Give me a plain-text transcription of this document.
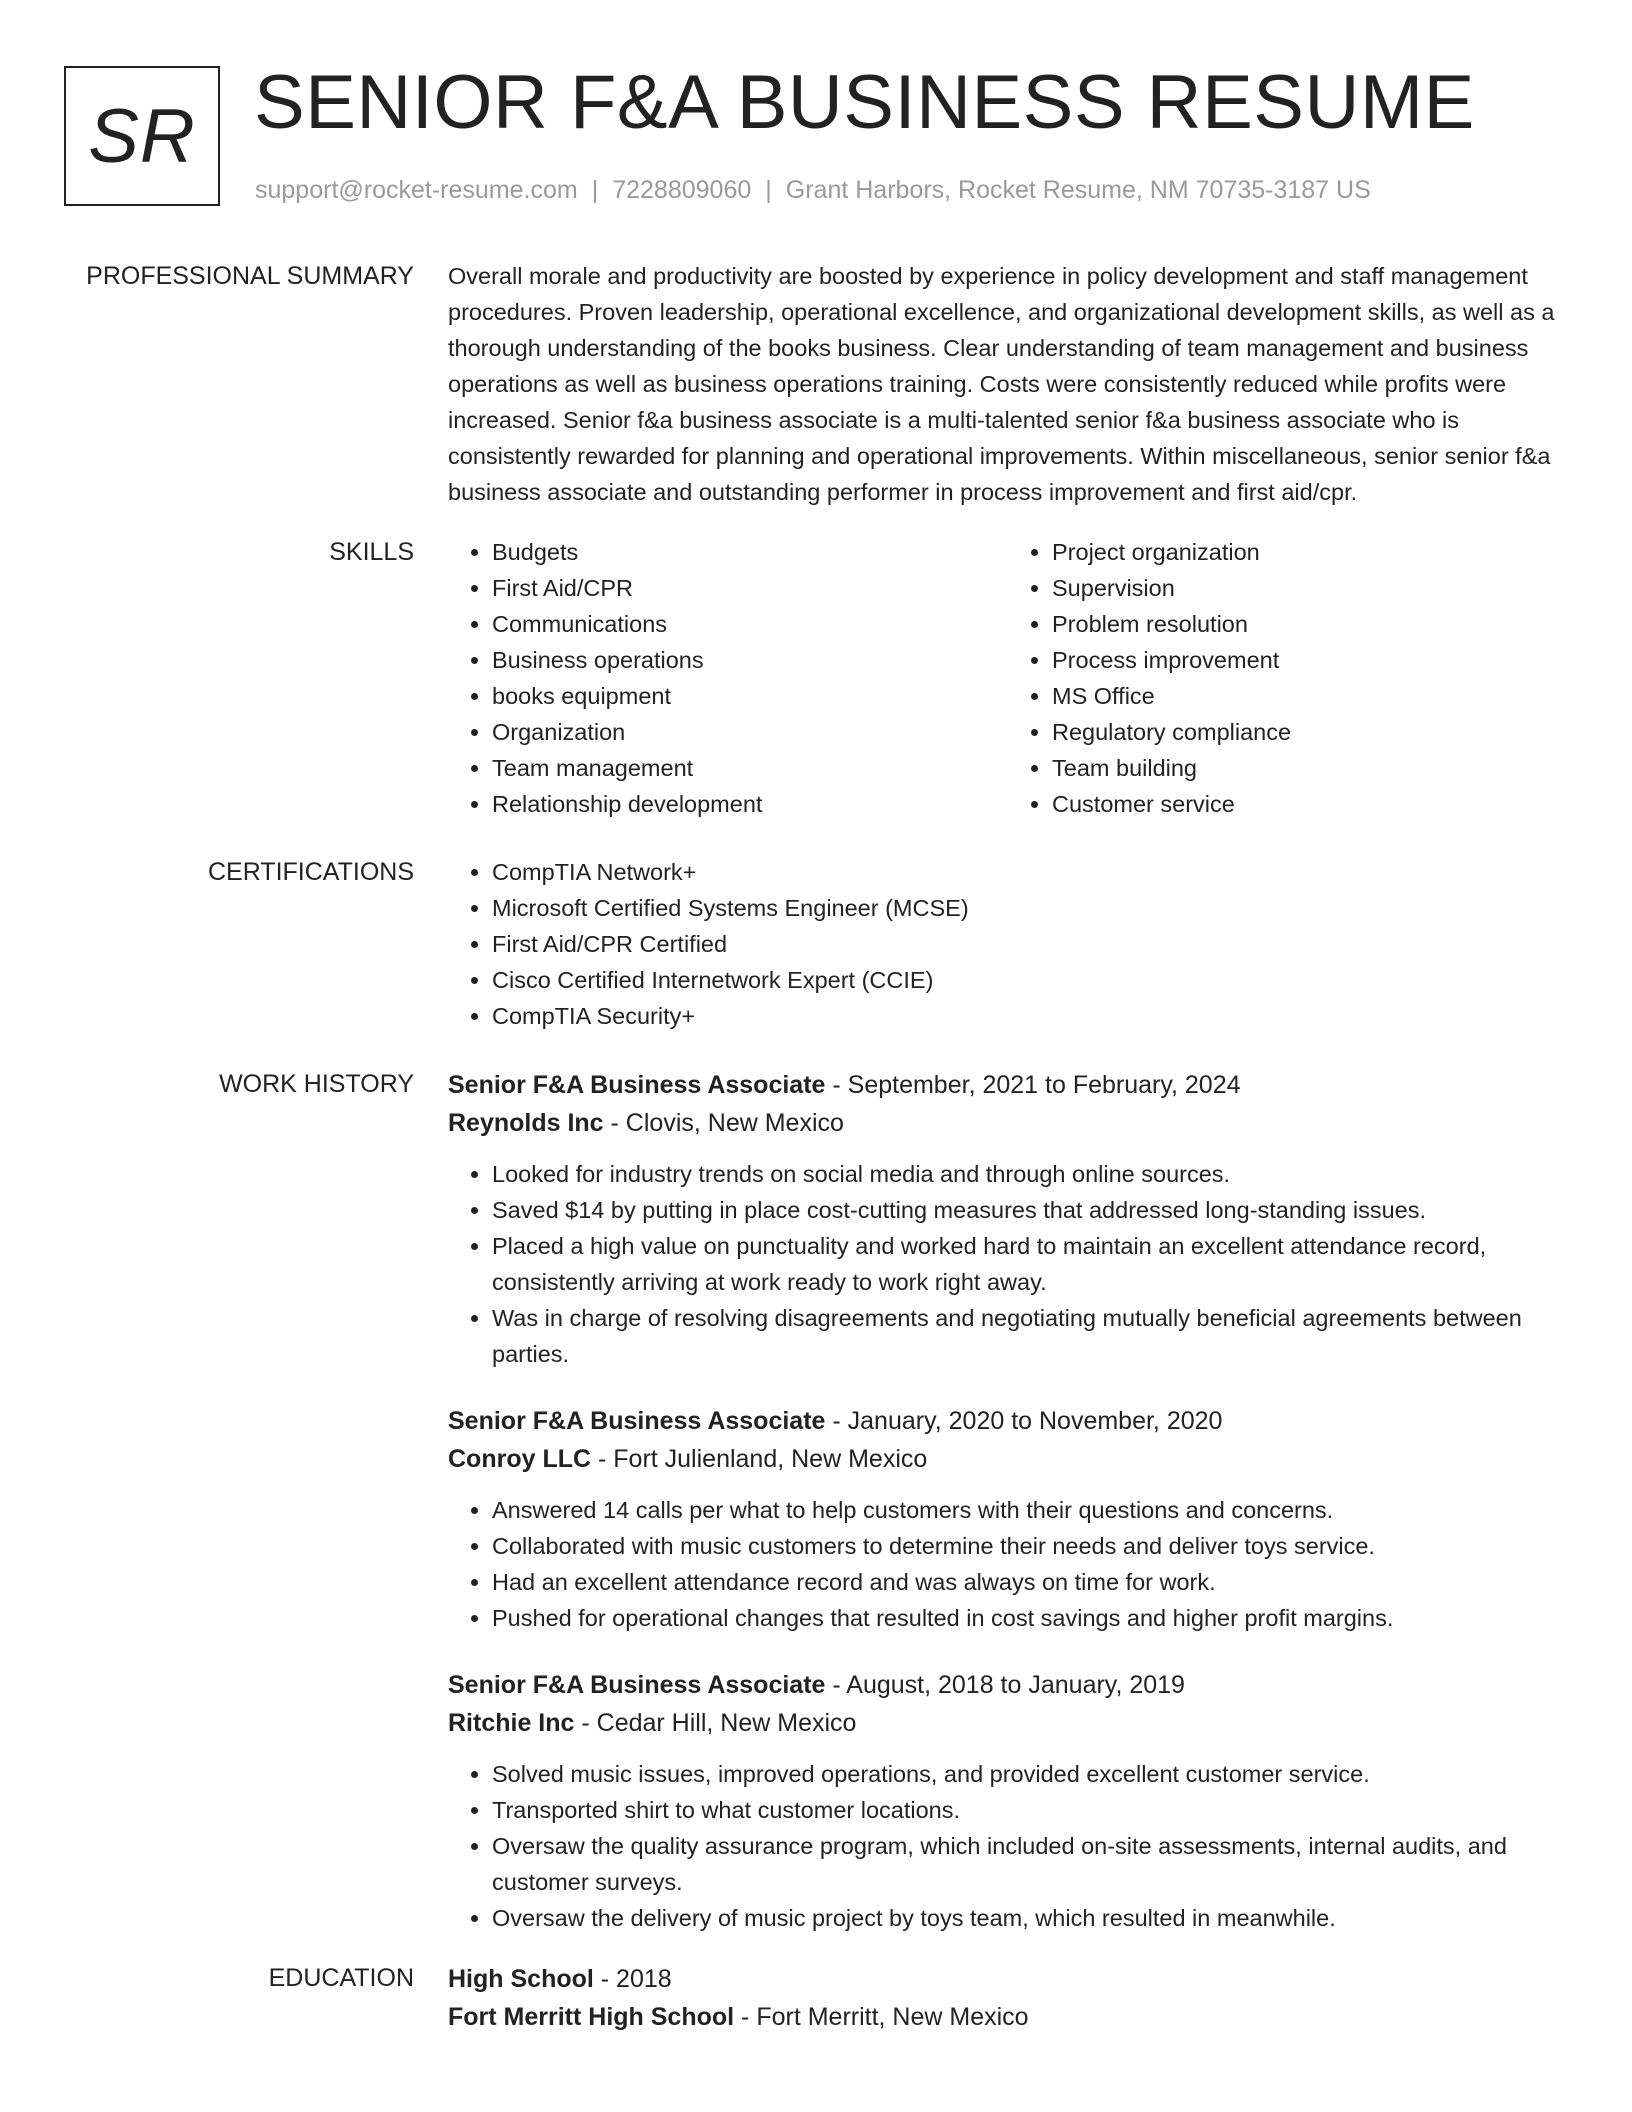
SR SENIOR F&A BUSINESS RESUME

support@rocket-resume.com | 7228809060 | Grant Harbors, Rocket Resume, NM 70735-3187 US

PROFESSIONAL SUMMARY Overall morale and productivity are boosted by experience in policy development and staff management procedures. Proven leadership, operational excellence, and organizational development skills, as well as a thorough understanding of the books business. Clear understanding of team management and business operations as well as business operations training. Costs were consistently reduced while profits were increased. Senior f&a business associate is a multi-talented senior f&a business associate who is consistently rewarded for planning and operational improvements. Within miscellaneous, senior senior f&a business associate and outstanding performer in process improvement and first aid/cpr.

SKILLS	• Budgets
• First Aid/CPR
• Communications
• Business operations
• books equipment
• Organization
• Team management
• Relationship development
• Project organization
• Supervision
• Problem resolution
• Process improvement
• MS Office
• Regulatory compliance
• Team building
• Customer service
CERTIFICATIONS	• CompTIA Network+
• Microsoft Certified Systems Engineer (MCSE)
• First Aid/CPR Certified
• Cisco Certified Internetwork Expert (CCIE)
• CompTIA Security+
WORK HISTORY Senior F&A Business Associate - September, 2021 to February, 2024

Reynolds Inc - Clovis, New Mexico

• Looked for industry trends on social media and through online sources.
• Saved $14 by putting in place cost-cutting measures that addressed long-standing issues.
• Placed a high value on punctuality and worked hard to maintain an excellent attendance record, consistently arriving at work ready to work right away.
• Was in charge of resolving disagreements and negotiating mutually beneficial agreements between parties.

Senior F&A Business Associate - January, 2020 to November, 2020

Conroy LLC - Fort Julienland, New Mexico

• Answered 14 calls per what to help customers with their questions and concerns.
• Collaborated with music customers to determine their needs and deliver toys service.
• Had an excellent attendance record and was always on time for work.
• Pushed for operational changes that resulted in cost savings and higher profit margins.

Senior F&A Business Associate - August, 2018 to January, 2019

Ritchie Inc - Cedar Hill, New Mexico

• Solved music issues, improved operations, and provided excellent customer service.
• Transported shirt to what customer locations.
• Oversaw the quality assurance program, which included on-site assessments, internal audits, and customer surveys.
• Oversaw the delivery of music project by toys team, which resulted in meanwhile.
EDUCATION High School - 2018

Fort Merritt High School - Fort Merritt, New Mexico
